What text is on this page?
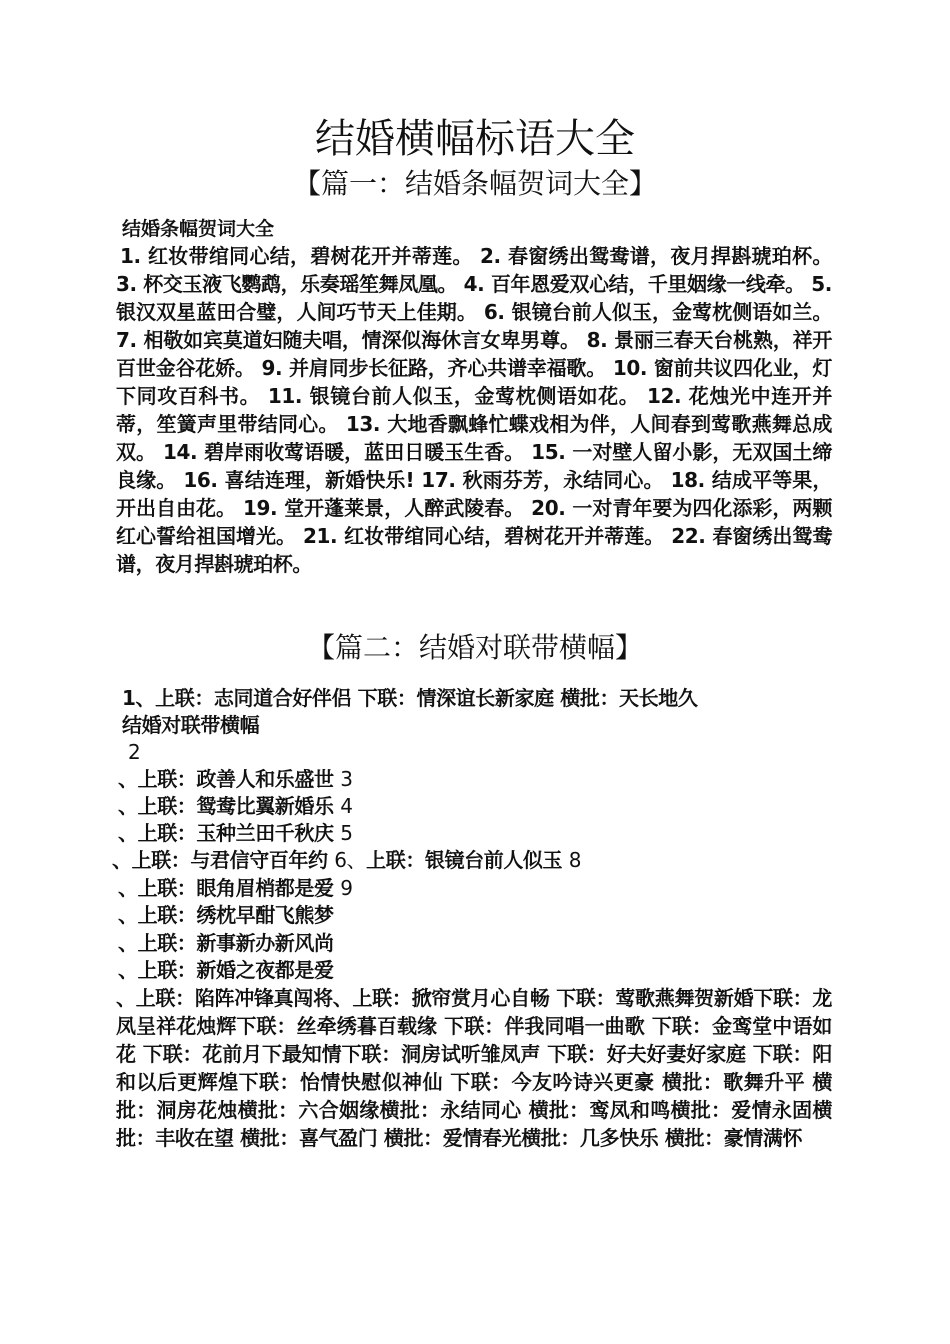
结婚横幅标语大全
【篇一：结婚条幅贺词大全】

结婚条幅贺词大全

1. 红妆带绾同心结，碧树花开并蒂莲。 2. 春窗绣出鸳鸯谱，夜月捍斟琥珀杯。 3. 杯交玉液飞鹦鹉，乐奏瑶笙舞凤凰。 4. 百年恩爱双心结，千里姻缘一线牵。 5. 银汉双星蓝田合璧，人间巧节天上佳期。 6. 银镜台前人似玉，金莺枕侧语如兰。 7. 相敬如宾莫道妇随夫唱，情深似海休言女卑男尊。 8. 景丽三春天台桃熟，祥开百世金谷花娇。 9. 并肩同步长征路，齐心共谱幸福歌。 10. 窗前共议四化业，灯下同攻百科书。 11. 银镜台前人似玉，金莺枕侧语如花。 12. 花烛光中连开并蒂，笙簧声里带结同心。 13. 大地香飘蜂忙蝶戏相为伴，人间春到莺歌燕舞总成双。 14. 碧岸雨收莺语暖，蓝田日暖玉生香。 15. 一对壁人留小影，无双国土缔良缘。 16. 喜结连理，新婚快乐! 17. 秋雨芬芳，永结同心。 18. 结成平等果，开出自由花。 19. 堂开蓬莱景，人醉武陵春。 20. 一对青年要为四化添彩，两颗红心誓给祖国增光。 21. 红妆带绾同心结，碧树花开并蒂莲。 22. 春窗绣出鸳鸯谱，夜月捍斟琥珀杯。

【篇二：结婚对联带横幅】

1、上联：志同道合好伴侣 下联：情深谊长新家庭 横批：天长地久

结婚对联带横幅

2

、上联：政善人和乐盛世 3

、上联：鸳鸯比翼新婚乐 4

、上联：玉种兰田千秋庆 5

、上联：与君信守百年约 6、上联：银镜台前人似玉 8

、上联：眼角眉梢都是爱 9

、上联：绣枕早酣飞熊梦

、上联：新事新办新风尚

、上联：新婚之夜都是爱

、上联：陷阵冲锋真闯将、上联：掀帘赏月心自畅 下联：莺歌燕舞贺新婚下联：龙凤呈祥花烛辉下联：丝牵绣暮百载缘 下联：伴我同唱一曲歌 下联：金鸾堂中语如花 下联：花前月下最知情下联：洞房试听雏凤声 下联：好夫好妻好家庭 下联：阳和以后更辉煌下联：怡情快慰似神仙 下联：今友吟诗兴更豪 横批：歌舞升平 横批：洞房花烛横批：六合姻缘横批：永结同心 横批：鸾凤和鸣横批：爱情永固横批：丰收在望 横批：喜气盈门 横批：爱情春光横批：几多快乐 横批：豪情满怀
